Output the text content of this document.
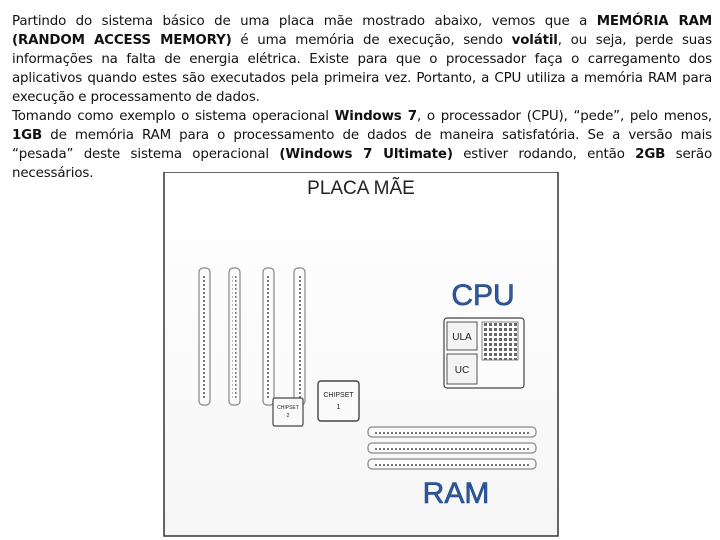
Partindo do sistema básico de uma placa mãe mostrado abaixo, vemos que a MEMÓRIA RAM (RANDOM ACCESS MEMORY) é uma memória de execução, sendo volátil, ou seja, perde suas informações na falta de energia elétrica. Existe para que o processador faça o carregamento dos aplicativos quando estes são executados pela primeira vez. Portanto, a CPU utiliza a memória RAM para execução e processamento de dados.

Tomando como exemplo o sistema operacional Windows 7, o processador (CPU), “pede”, pelo menos, 1GB de memória RAM para o processamento de dados de maneira satisfatória. Se a versão mais “pesada” deste sistema operacional (Windows 7 Ultimate) estiver rodando, então 2GB serão necessários.

PLACA MÃE
CPU
ULA
UC
CHIPSET
2
CHIPSET
1
RAM
